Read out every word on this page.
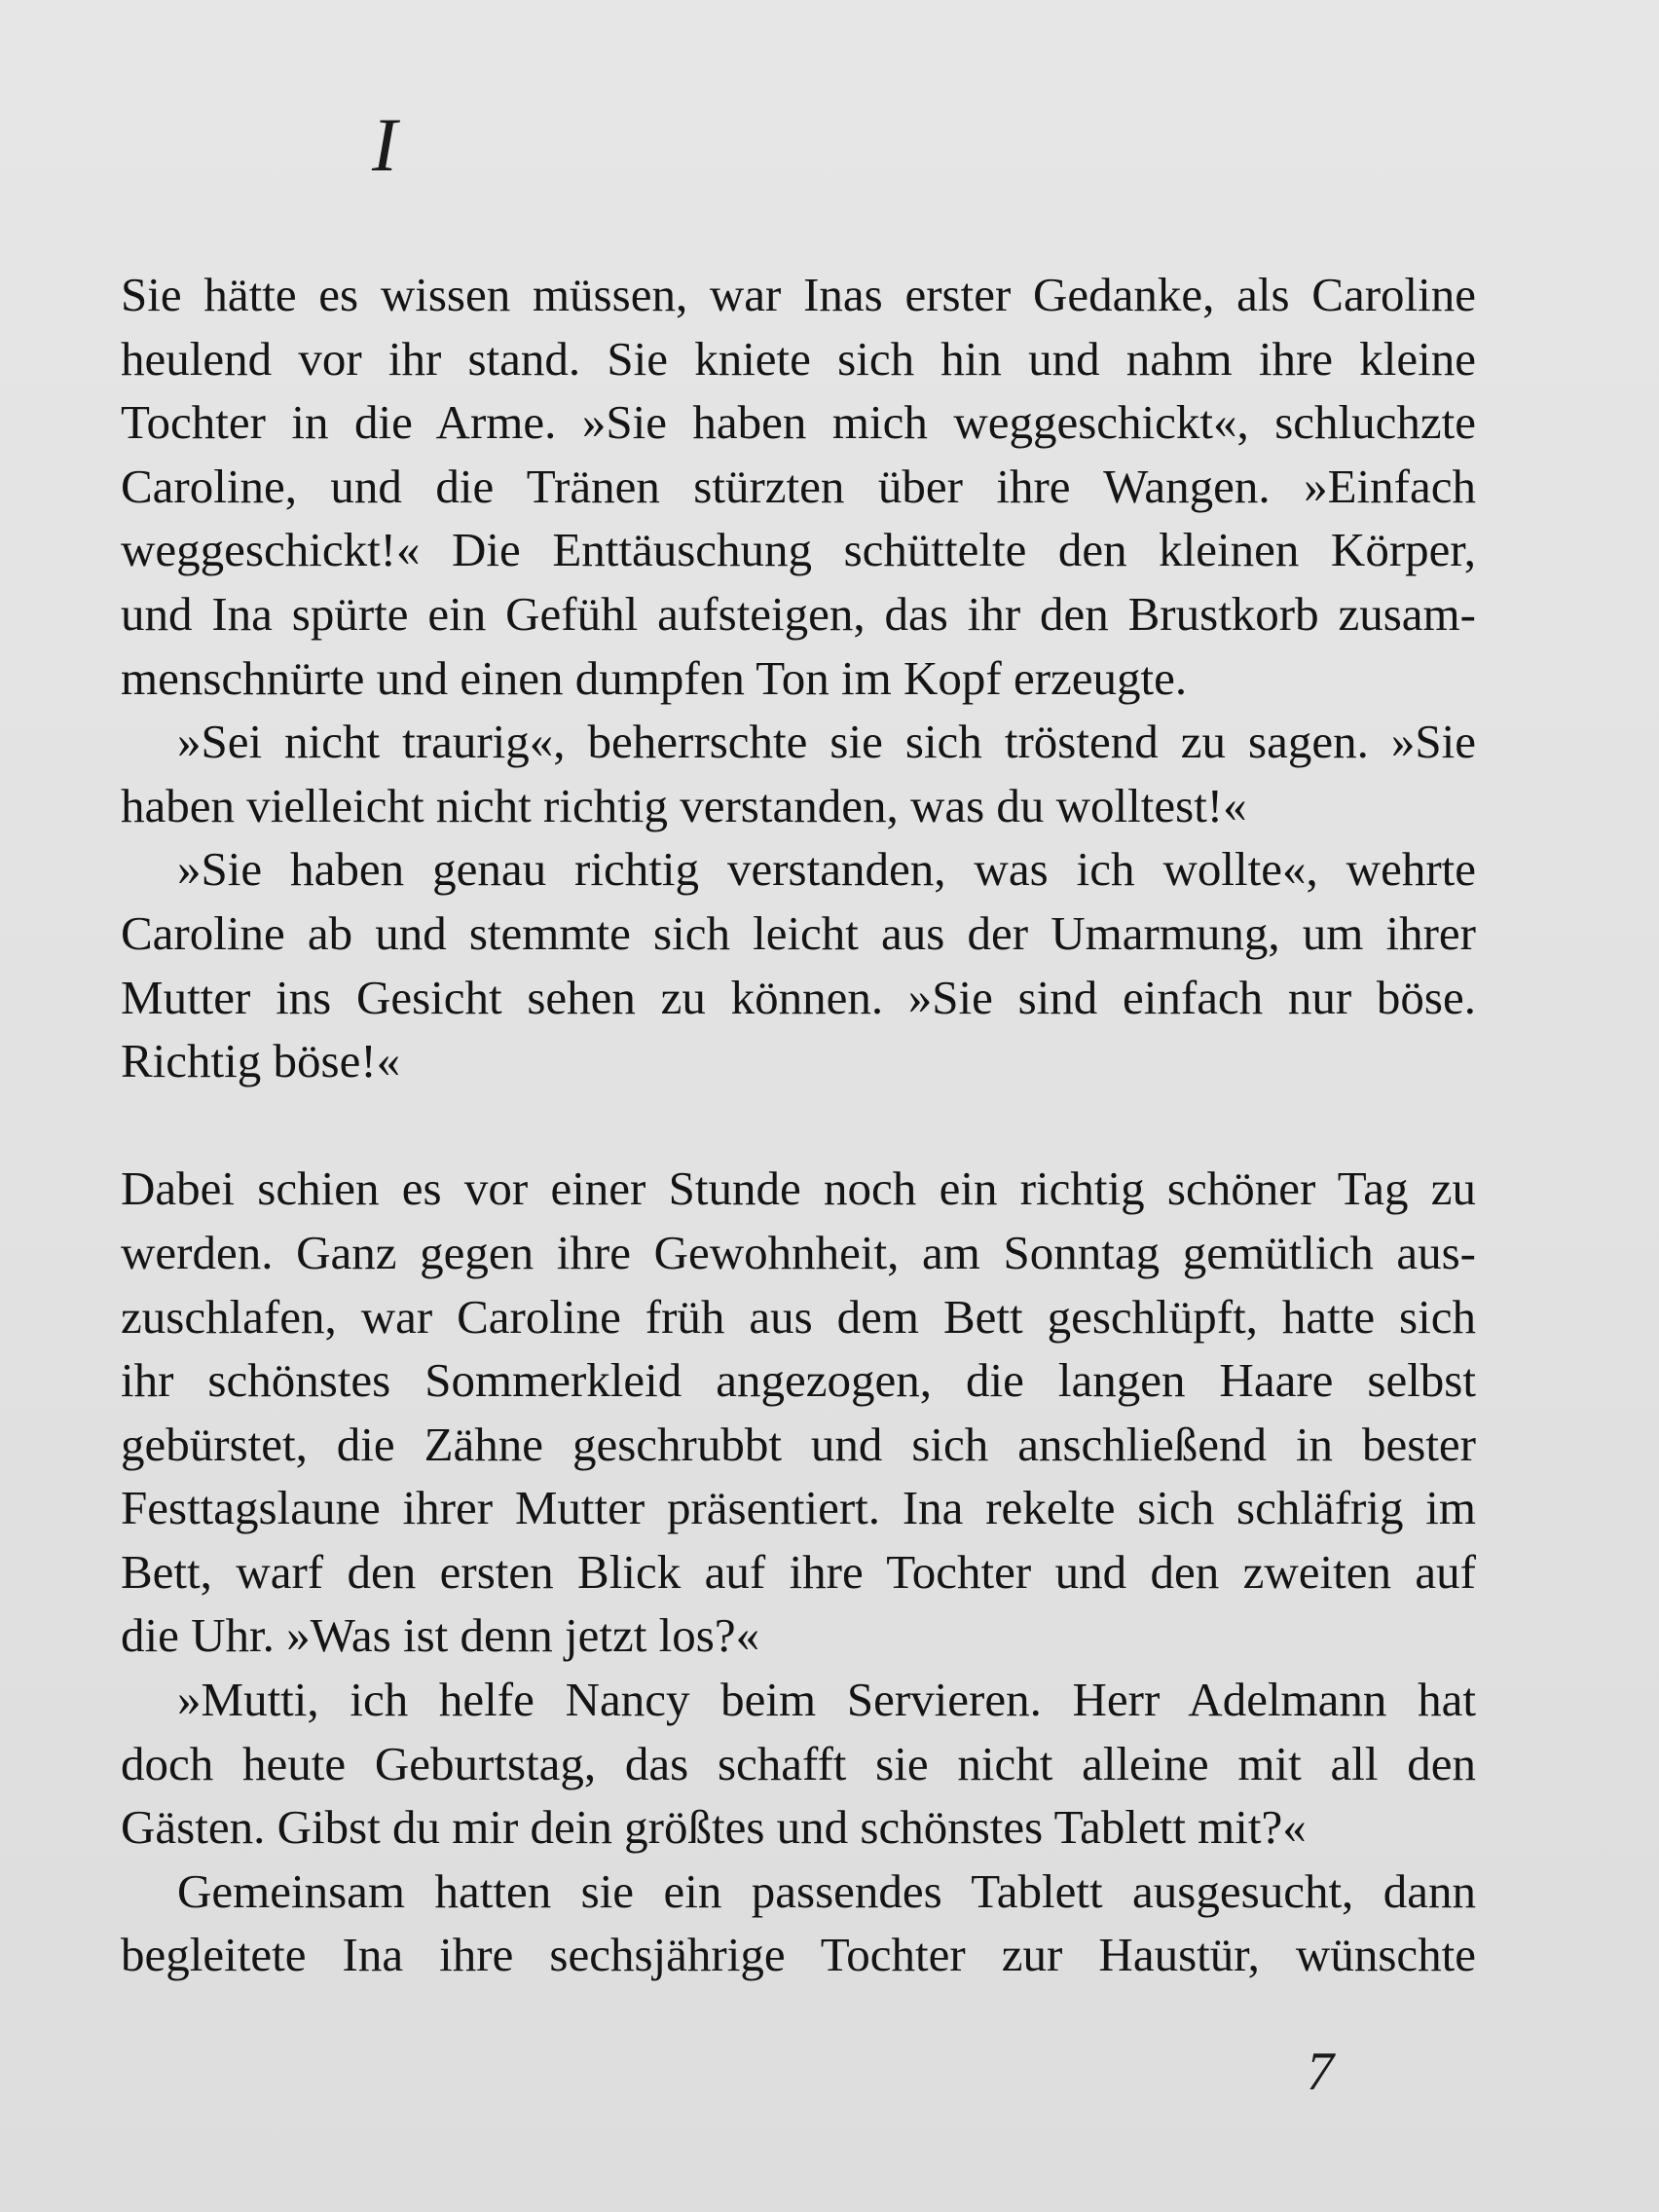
I

Sie hätte es wissen müssen, war Inas erster Gedanke, als Caroline
heulend vor ihr stand. Sie kniete sich hin und nahm ihre kleine
Tochter in die Arme. »Sie haben mich weggeschickt«, schluchzte
Caroline, und die Tränen stürzten über ihre Wangen. »Einfach
weggeschickt!« Die Enttäuschung schüttelte den kleinen Körper,
und Ina spürte ein Gefühl aufsteigen, das ihr den Brustkorb zusam-
menschnürte und einen dumpfen Ton im Kopf erzeugte.

»Sei nicht traurig«, beherrschte sie sich tröstend zu sagen. »Sie
haben vielleicht nicht richtig verstanden, was du wolltest!«

»Sie haben genau richtig verstanden, was ich wollte«, wehrte
Caroline ab und stemmte sich leicht aus der Umarmung, um ihrer
Mutter ins Gesicht sehen zu können. »Sie sind einfach nur böse.
Richtig böse!«

Dabei schien es vor einer Stunde noch ein richtig schöner Tag zu
werden. Ganz gegen ihre Gewohnheit, am Sonntag gemütlich aus-
zuschlafen, war Caroline früh aus dem Bett geschlüpft, hatte sich
ihr schönstes Sommerkleid angezogen, die langen Haare selbst
gebürstet, die Zähne geschrubbt und sich anschließend in bester
Festtagslaune ihrer Mutter präsentiert. Ina rekelte sich schläfrig im
Bett, warf den ersten Blick auf ihre Tochter und den zweiten auf
die Uhr. »Was ist denn jetzt los?«

»Mutti, ich helfe Nancy beim Servieren. Herr Adelmann hat
doch heute Geburtstag, das schafft sie nicht alleine mit all den
Gästen. Gibst du mir dein größtes und schönstes Tablett mit?«

Gemeinsam hatten sie ein passendes Tablett ausgesucht, dann
begleitete Ina ihre sechsjährige Tochter zur Haustür, wünschte

7
